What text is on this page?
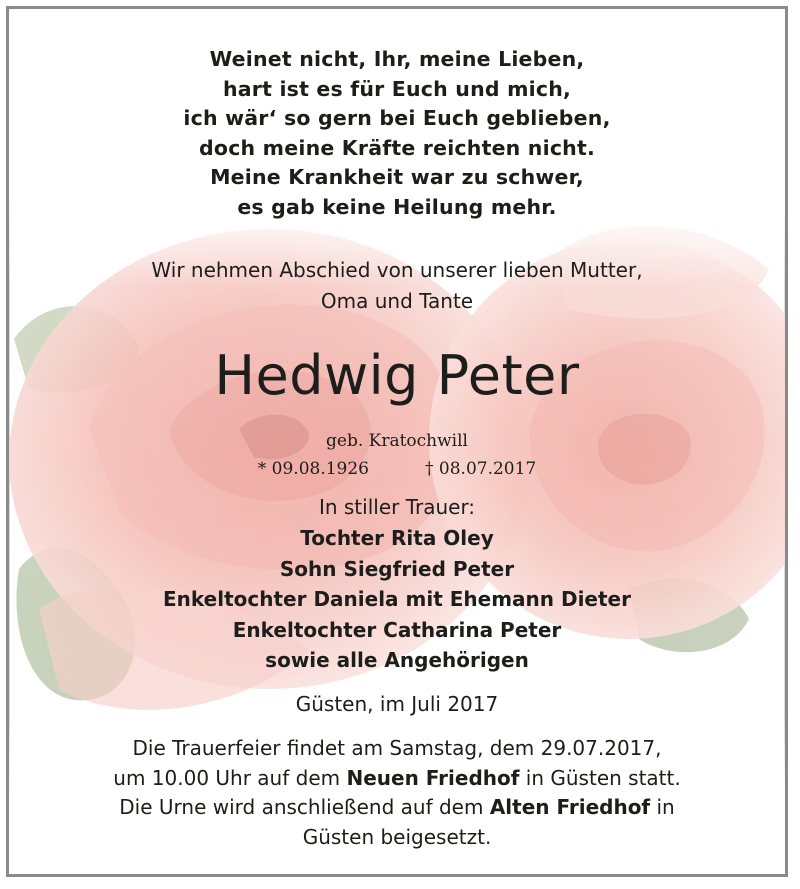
Weinet nicht, Ihr, meine Lieben,
hart ist es für Euch und mich,
ich wär‘ so gern bei Euch geblieben,
doch meine Kräfte reichten nicht.
Meine Krankheit war zu schwer,
es gab keine Heilung mehr.
Wir nehmen Abschied von unserer lieben Mutter,
Oma und Tante
Hedwig Peter
geb. Kratochwill
* 09.08.1926	† 08.07.2017
In stiller Trauer:
Tochter Rita Oley
Sohn Siegfried Peter
Enkeltochter Daniela mit Ehemann Dieter
Enkeltochter Catharina Peter
sowie alle Angehörigen
Güsten, im Juli 2017
Die Trauerfeier findet am Samstag, dem 29.07.2017,
um 10.00 Uhr auf dem Neuen Friedhof in Güsten statt.
Die Urne wird anschließend auf dem Alten Friedhof in
Güsten beigesetzt.
